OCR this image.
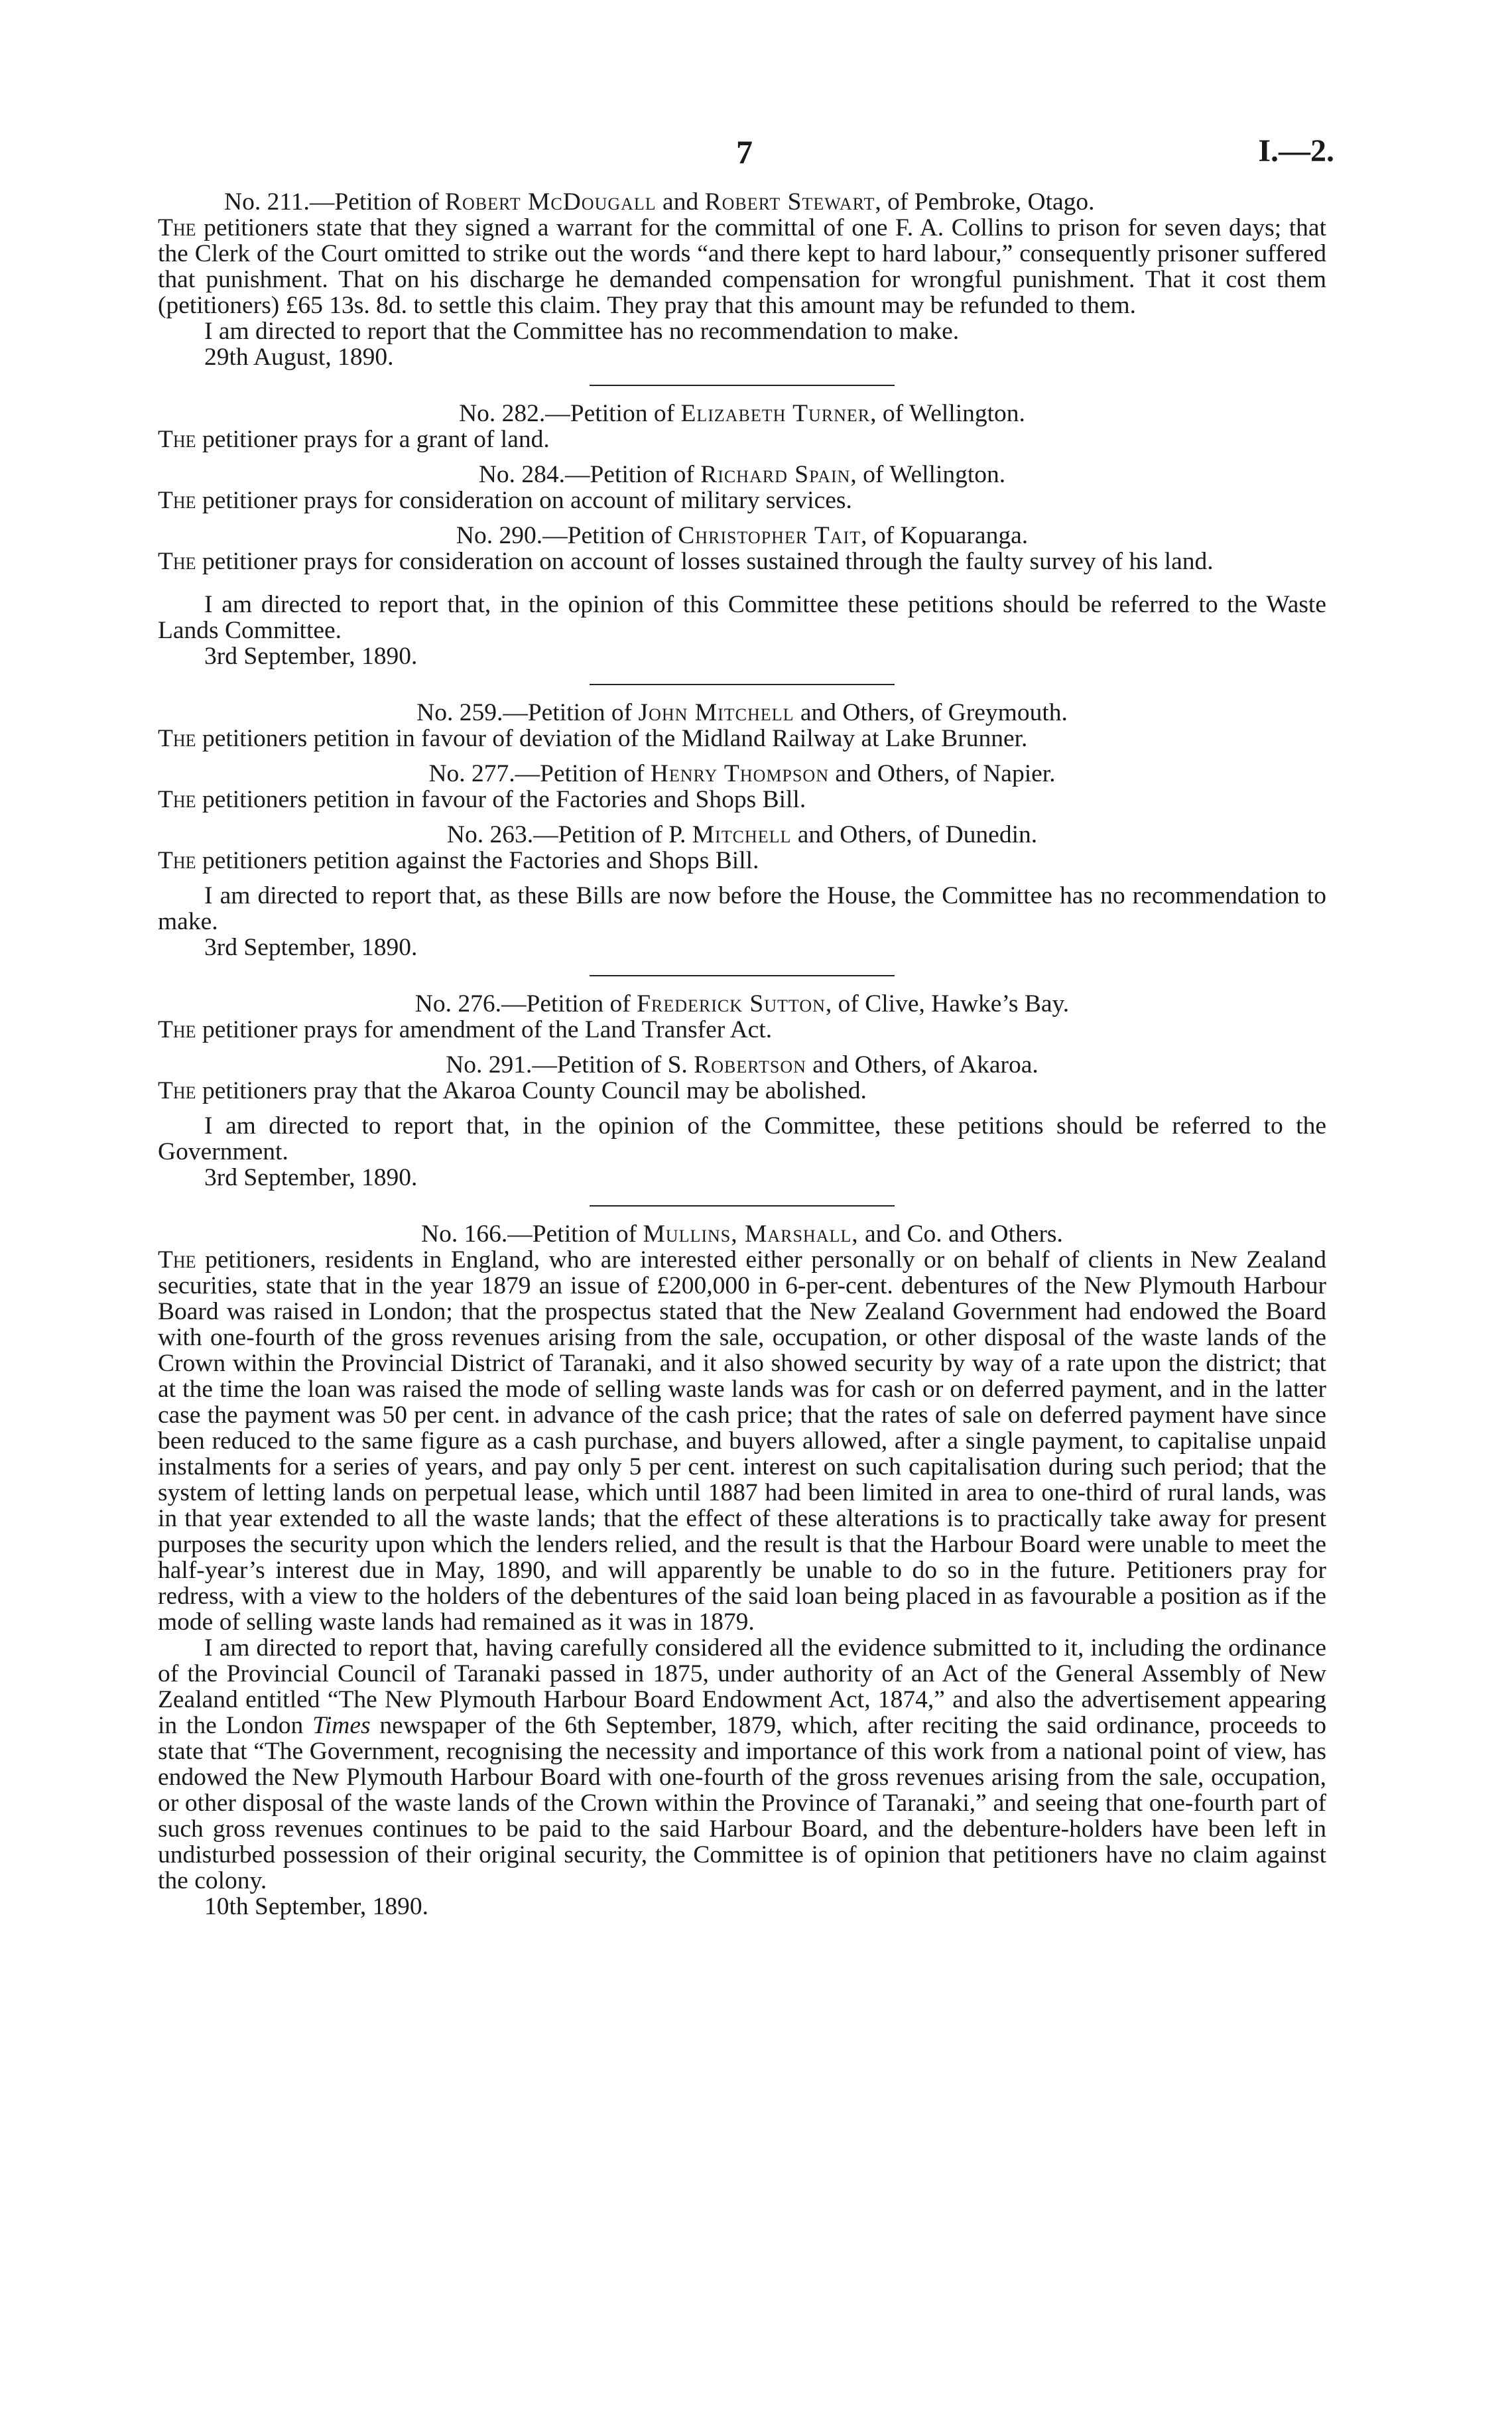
7	I.—2.
No. 211.—Petition of Robert McDougall and Robert Stewart, of Pembroke, Otago.

The petitioners state that they signed a warrant for the committal of one F. A. Collins to prison for seven days; that the Clerk of the Court omitted to strike out the words “and there kept to hard labour,” consequently prisoner suffered that punishment. That on his discharge he demanded compensation for wrongful punishment. That it cost them (petitioners) £65 13s. 8d. to settle this claim. They pray that this amount may be refunded to them.

I am directed to report that the Committee has no recommendation to make.

29th August, 1890.

No. 282.—Petition of Elizabeth Turner, of Wellington.

The petitioner prays for a grant of land.

No. 284.—Petition of Richard Spain, of Wellington.

The petitioner prays for consideration on account of military services.

No. 290.—Petition of Christopher Tait, of Kopuaranga.

The petitioner prays for consideration on account of losses sustained through the faulty survey of his land.

I am directed to report that, in the opinion of this Committee these petitions should be referred to the Waste Lands Committee.

3rd September, 1890.

No. 259.—Petition of John Mitchell and Others, of Greymouth.

The petitioners petition in favour of deviation of the Midland Railway at Lake Brunner.

No. 277.—Petition of Henry Thompson and Others, of Napier.

The petitioners petition in favour of the Factories and Shops Bill.

No. 263.—Petition of P. Mitchell and Others, of Dunedin.

The petitioners petition against the Factories and Shops Bill.

I am directed to report that, as these Bills are now before the House, the Committee has no recommendation to make.

3rd September, 1890.

No. 276.—Petition of Frederick Sutton, of Clive, Hawke’s Bay.

The petitioner prays for amendment of the Land Transfer Act.

No. 291.—Petition of S. Robertson and Others, of Akaroa.

The petitioners pray that the Akaroa County Council may be abolished.

I am directed to report that, in the opinion of the Committee, these petitions should be referred to the Government.

3rd September, 1890.

No. 166.—Petition of Mullins, Marshall, and Co. and Others.

The petitioners, residents in England, who are interested either personally or on behalf of clients in New Zealand securities, state that in the year 1879 an issue of £200,000 in 6-per-cent. debentures of the New Plymouth Harbour Board was raised in London; that the prospectus stated that the New Zealand Government had endowed the Board with one-fourth of the gross revenues arising from the sale, occupation, or other disposal of the waste lands of the Crown within the Provincial District of Taranaki, and it also showed security by way of a rate upon the district; that at the time the loan was raised the mode of selling waste lands was for cash or on deferred payment, and in the latter case the payment was 50 per cent. in advance of the cash price; that the rates of sale on deferred payment have since been reduced to the same figure as a cash purchase, and buyers allowed, after a single payment, to capitalise unpaid instalments for a series of years, and pay only 5 per cent. interest on such capitalisation during such period; that the system of letting lands on perpetual lease, which until 1887 had been limited in area to one-third of rural lands, was in that year extended to all the waste lands; that the effect of these alterations is to practically take away for present purposes the security upon which the lenders relied, and the result is that the Harbour Board were unable to meet the half-year’s interest due in May, 1890, and will apparently be unable to do so in the future. Petitioners pray for redress, with a view to the holders of the debentures of the said loan being placed in as favourable a position as if the mode of selling waste lands had remained as it was in 1879.

I am directed to report that, having carefully considered all the evidence submitted to it, including the ordinance of the Provincial Council of Taranaki passed in 1875, under authority of an Act of the General Assembly of New Zealand entitled “The New Plymouth Harbour Board Endowment Act, 1874,” and also the advertisement appearing in the London Times newspaper of the 6th September, 1879, which, after reciting the said ordinance, proceeds to state that “The Government, recognising the necessity and importance of this work from a national point of view, has endowed the New Plymouth Harbour Board with one-fourth of the gross revenues arising from the sale, occupation, or other disposal of the waste lands of the Crown within the Province of Taranaki,” and seeing that one-fourth part of such gross revenues continues to be paid to the said Harbour Board, and the debenture-holders have been left in undisturbed possession of their original security, the Committee is of opinion that petitioners have no claim against the colony.

10th September, 1890.
